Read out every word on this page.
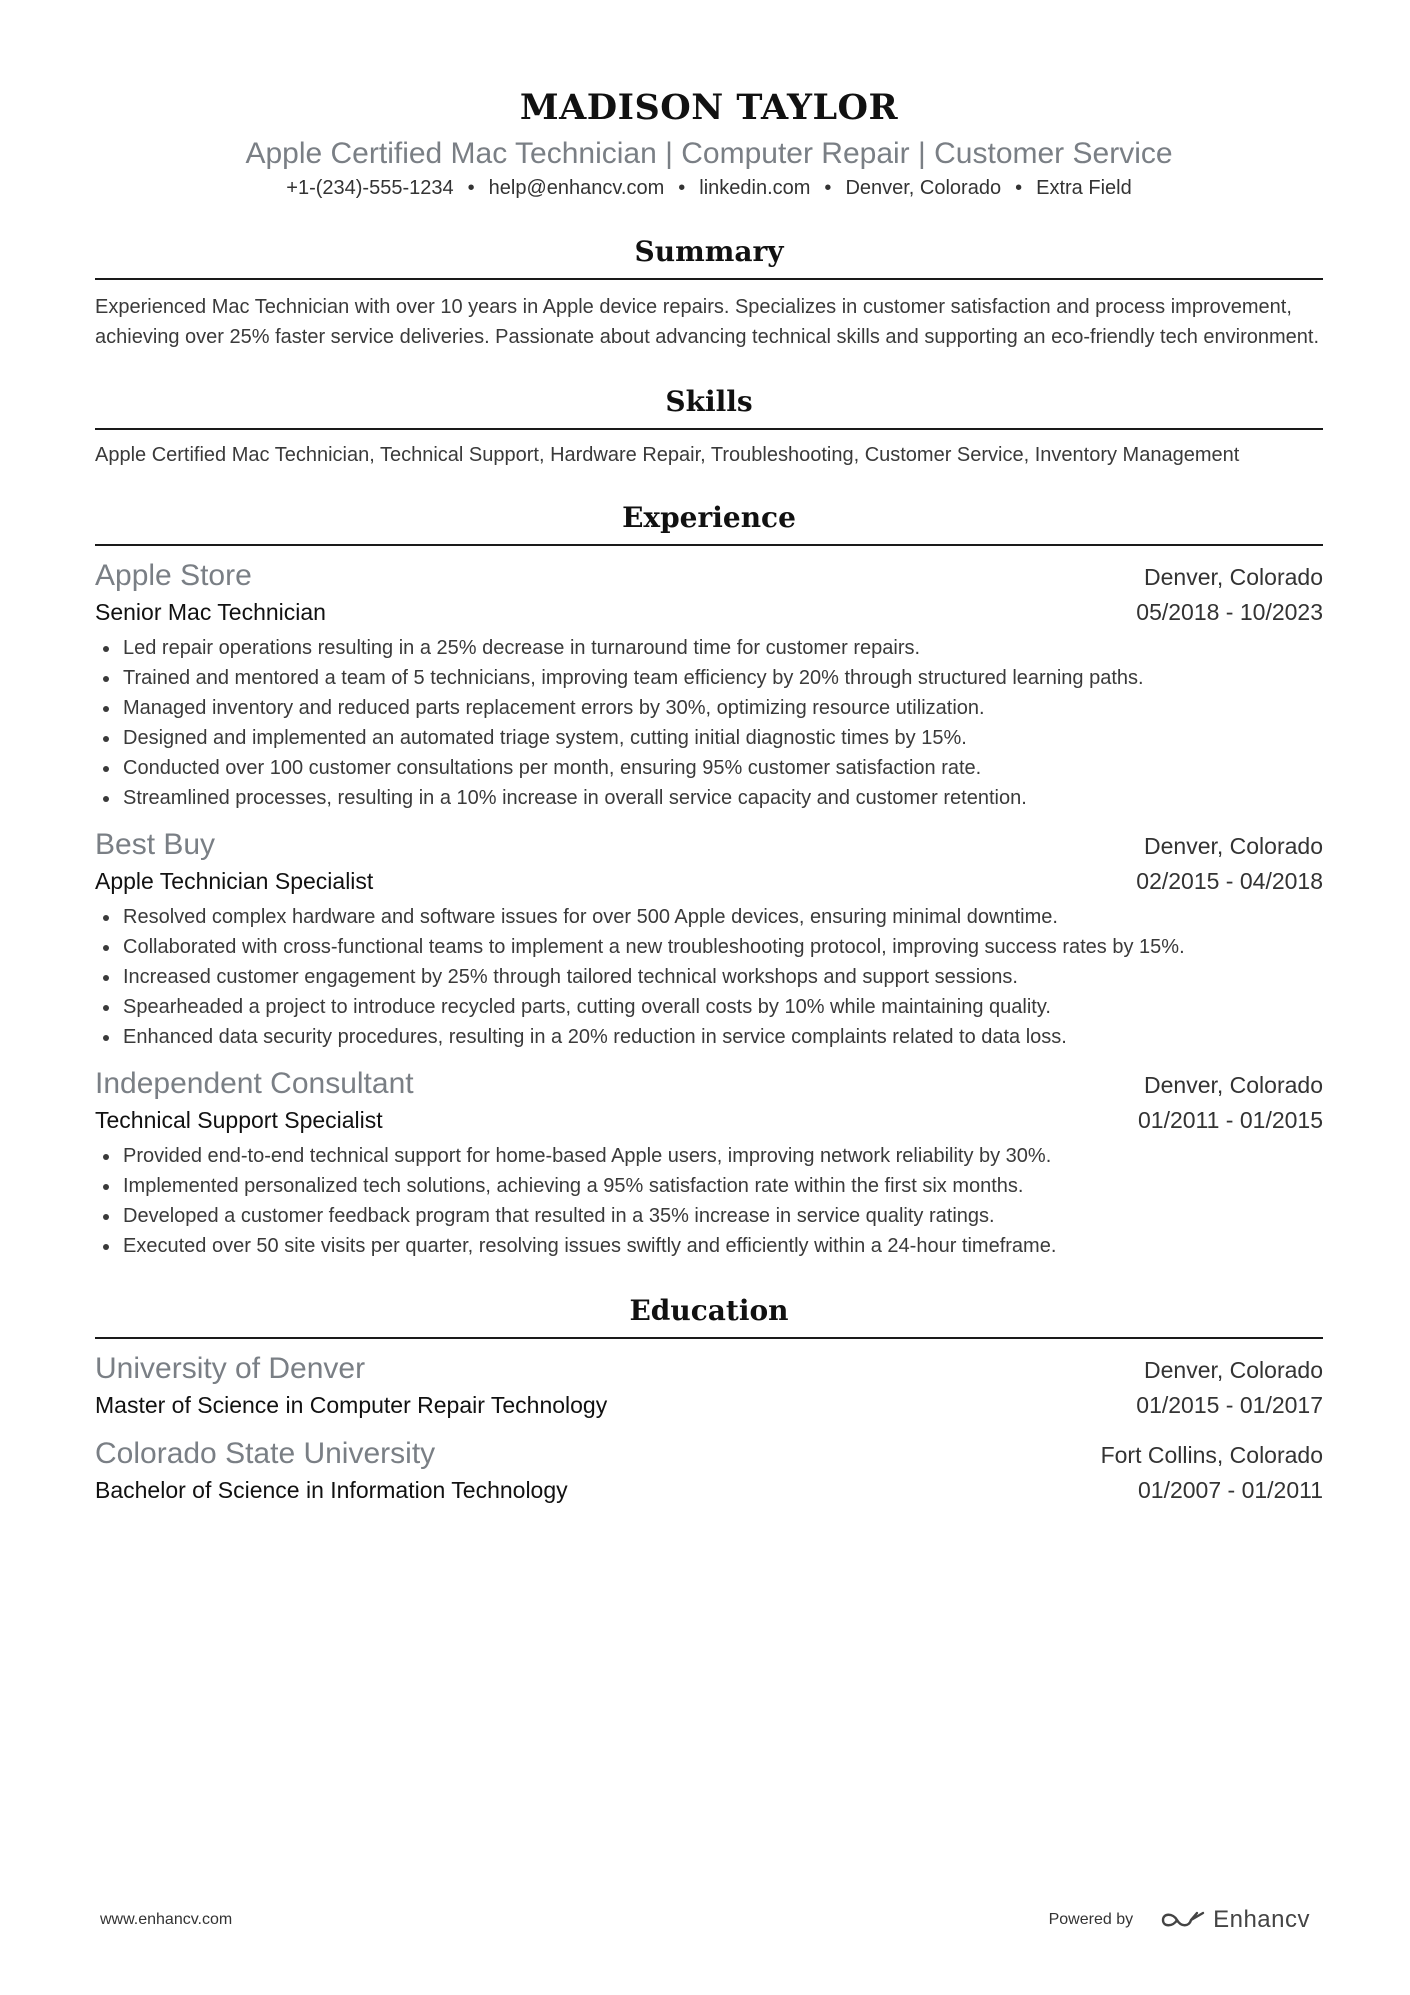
MADISON TAYLOR
Apple Certified Mac Technician | Computer Repair | Customer Service
+1-(234)-555-1234 • help@enhancv.com • linkedin.com • Denver, Colorado • Extra Field
Summary

Experienced Mac Technician with over 10 years in Apple device repairs. Specializes in customer satisfaction and process improvement, achieving over 25% faster service deliveries. Passionate about advancing technical skills and supporting an eco-friendly tech environment.

Skills

Apple Certified Mac Technician, Technical Support, Hardware Repair, Troubleshooting, Customer Service, Inventory Management

Experience
Apple Store	Denver, Colorado
Senior Mac Technician	05/2018 - 10/2023
Led repair operations resulting in a 25% decrease in turnaround time for customer repairs.
Trained and mentored a team of 5 technicians, improving team efficiency by 20% through structured learning paths.
Managed inventory and reduced parts replacement errors by 30%, optimizing resource utilization.
Designed and implemented an automated triage system, cutting initial diagnostic times by 15%.
Conducted over 100 customer consultations per month, ensuring 95% customer satisfaction rate.
Streamlined processes, resulting in a 10% increase in overall service capacity and customer retention.
Best Buy	Denver, Colorado
Apple Technician Specialist	02/2015 - 04/2018
Resolved complex hardware and software issues for over 500 Apple devices, ensuring minimal downtime.
Collaborated with cross-functional teams to implement a new troubleshooting protocol, improving success rates by 15%.
Increased customer engagement by 25% through tailored technical workshops and support sessions.
Spearheaded a project to introduce recycled parts, cutting overall costs by 10% while maintaining quality.
Enhanced data security procedures, resulting in a 20% reduction in service complaints related to data loss.
Independent Consultant	Denver, Colorado
Technical Support Specialist	01/2011 - 01/2015
Provided end-to-end technical support for home-based Apple users, improving network reliability by 30%.
Implemented personalized tech solutions, achieving a 95% satisfaction rate within the first six months.
Developed a customer feedback program that resulted in a 35% increase in service quality ratings.
Executed over 50 site visits per quarter, resolving issues swiftly and efficiently within a 24-hour timeframe.
Education
University of Denver	Denver, Colorado
Master of Science in Computer Repair Technology	01/2015 - 01/2017
Colorado State University	Fort Collins, Colorado
Bachelor of Science in Information Technology	01/2007 - 01/2011
www.enhancv.com	Powered by	Enhancv
